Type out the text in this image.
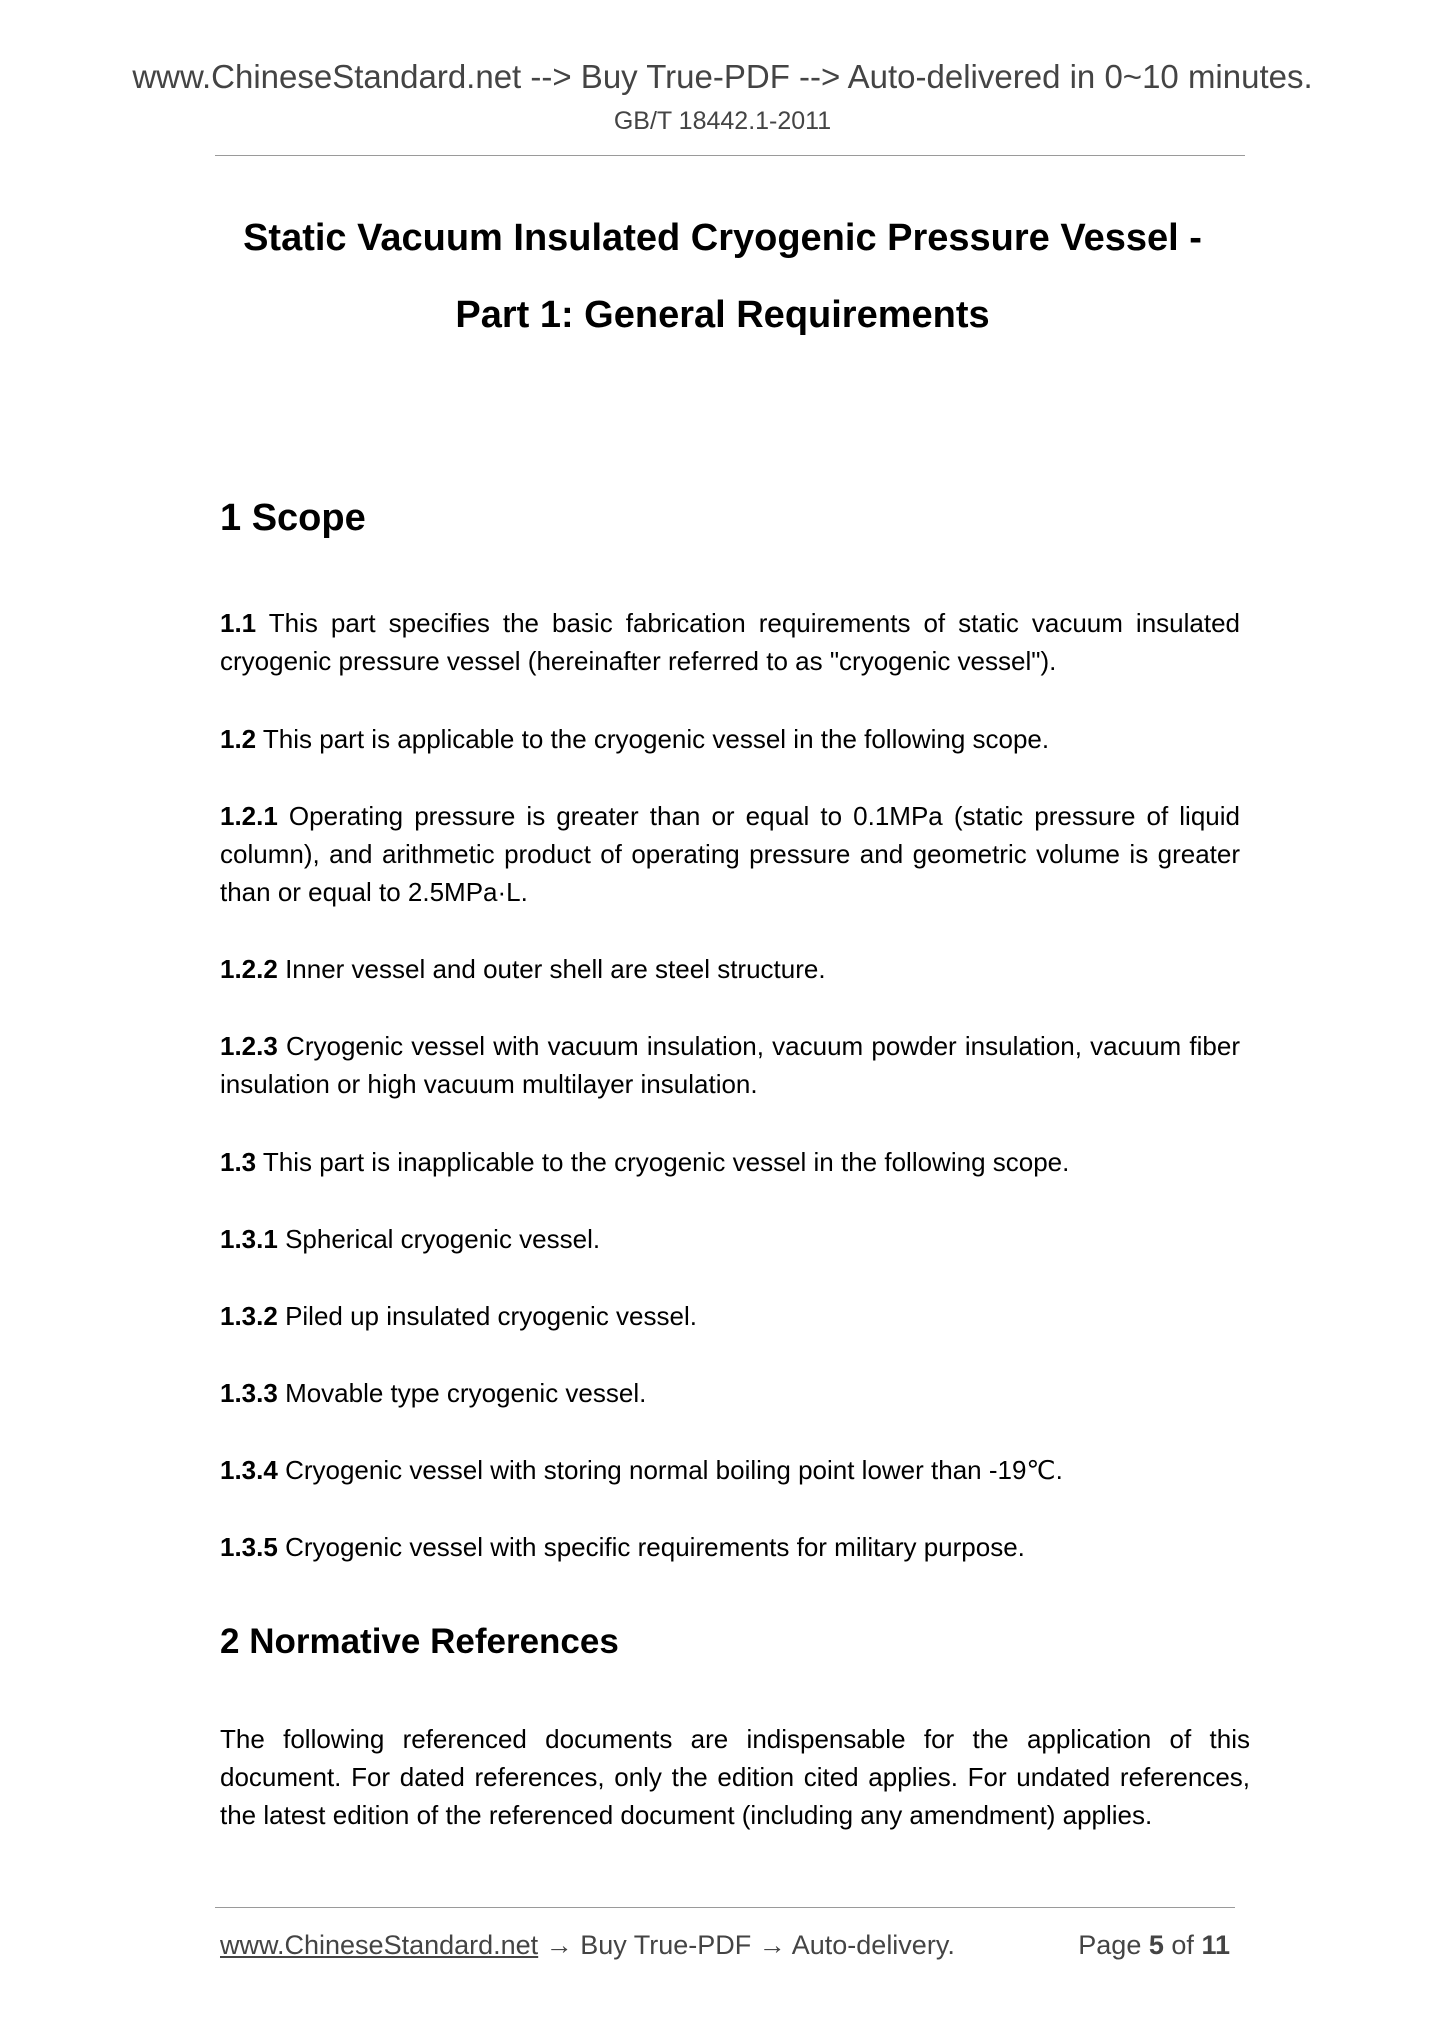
www.ChineseStandard.net --> Buy True-PDF --> Auto-delivered in 0~10 minutes.
GB/T 18442.1-2011
Static Vacuum Insulated Cryogenic Pressure Vessel -
Part 1: General Requirements
1 Scope
1.1 This part specifies the basic fabrication requirements of static vacuum insulated cryogenic pressure vessel (hereinafter referred to as "cryogenic vessel").
1.2 This part is applicable to the cryogenic vessel in the following scope.
1.2.1 Operating pressure is greater than or equal to 0.1MPa (static pressure of liquid column), and arithmetic product of operating pressure and geometric volume is greater than or equal to 2.5MPa·L.
1.2.2 Inner vessel and outer shell are steel structure.
1.2.3 Cryogenic vessel with vacuum insulation, vacuum powder insulation, vacuum fiber insulation or high vacuum multilayer insulation.
1.3 This part is inapplicable to the cryogenic vessel in the following scope.
1.3.1 Spherical cryogenic vessel.
1.3.2 Piled up insulated cryogenic vessel.
1.3.3 Movable type cryogenic vessel.
1.3.4 Cryogenic vessel with storing normal boiling point lower than -19℃.
1.3.5 Cryogenic vessel with specific requirements for military purpose.
2 Normative References
The following referenced documents are indispensable for the application of this document. For dated references, only the edition cited applies. For undated references, the latest edition of the referenced document (including any amendment) applies.
www.ChineseStandard.net → Buy True-PDF → Auto-delivery.	Page 5 of 11
